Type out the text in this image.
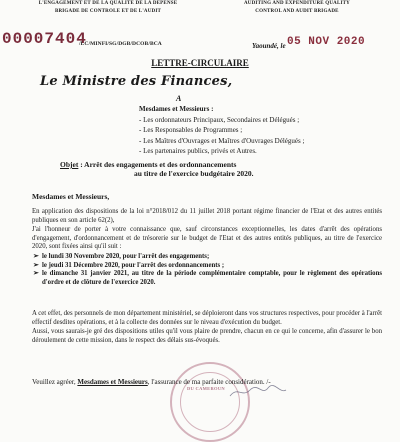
L'ENGAGEMENT ET DE LA QUALITE DE LA DEPENSE
BRIGADE DE CONTROLE ET DE L'AUDIT
AUDITING AND EXPENDITURE QUALITY
CONTROL AND AUDIT BRIGADE
00007404
/LC/MINFI/SG/DGB/DCOB/BCA	Yaoundé, le 05 NOV 2020
LETTRE-CIRCULAIRE
Le Ministre des Finances,
A
Mesdames et Messieurs :
- Les ordonnateurs Principaux, Secondaires et Délégués ;
- Les Responsables de Programmes ;
- Les Maîtres d'Ouvrages et Maîtres d'Ouvrages Délégués ;
- Les partenaires publics, privés et Autres.
Objet : Arrêt des engagements et des ordonnancements
au titre de l'exercice budgétaire 2020.
Mesdames et Messieurs,

En application des dispositions de la loi n°2018/012 du 11 juillet 2018 portant régime financier de l'Etat et des autres entités publiques en son article 62(2),

J'ai l'honneur de porter à votre connaissance que, sauf circonstances exceptionnelles, les dates d'arrêt des opérations d'engagement, d'ordonnancement et de trésorerie sur le budget de l'Etat et des autres entités publiques, au titre de l'exercice 2020, sont fixées ainsi qu'il suit :

➢ le lundi 30 Novembre 2020, pour l'arrêt des engagements;
➢ le jeudi 31 Décembre 2020, pour l'arrêt des ordonnancements ;
➢ le dimanche 31 janvier 2021, au titre de la période complémentaire comptable, pour le règlement des opérations d'ordre et de clôture de l'exercice 2020.

A cet effet, des personnels de mon département ministériel, se déploieront dans vos structures respectives, pour procéder à l'arrêt effectif desdites opérations, et à la collecte des données sur le niveau d'exécution du budget.

Aussi, vous saurais-je gré des dispositions utiles qu'il vous plaire de prendre, chacun en ce qui le concerne, afin d'assurer le bon déroulement de cette mission, dans le respect des délais sus-évoqués.

DU CAMEROUN
Veuillez agréer, Mesdames et Messieurs, l'assurance de ma parfaite considération. /-
